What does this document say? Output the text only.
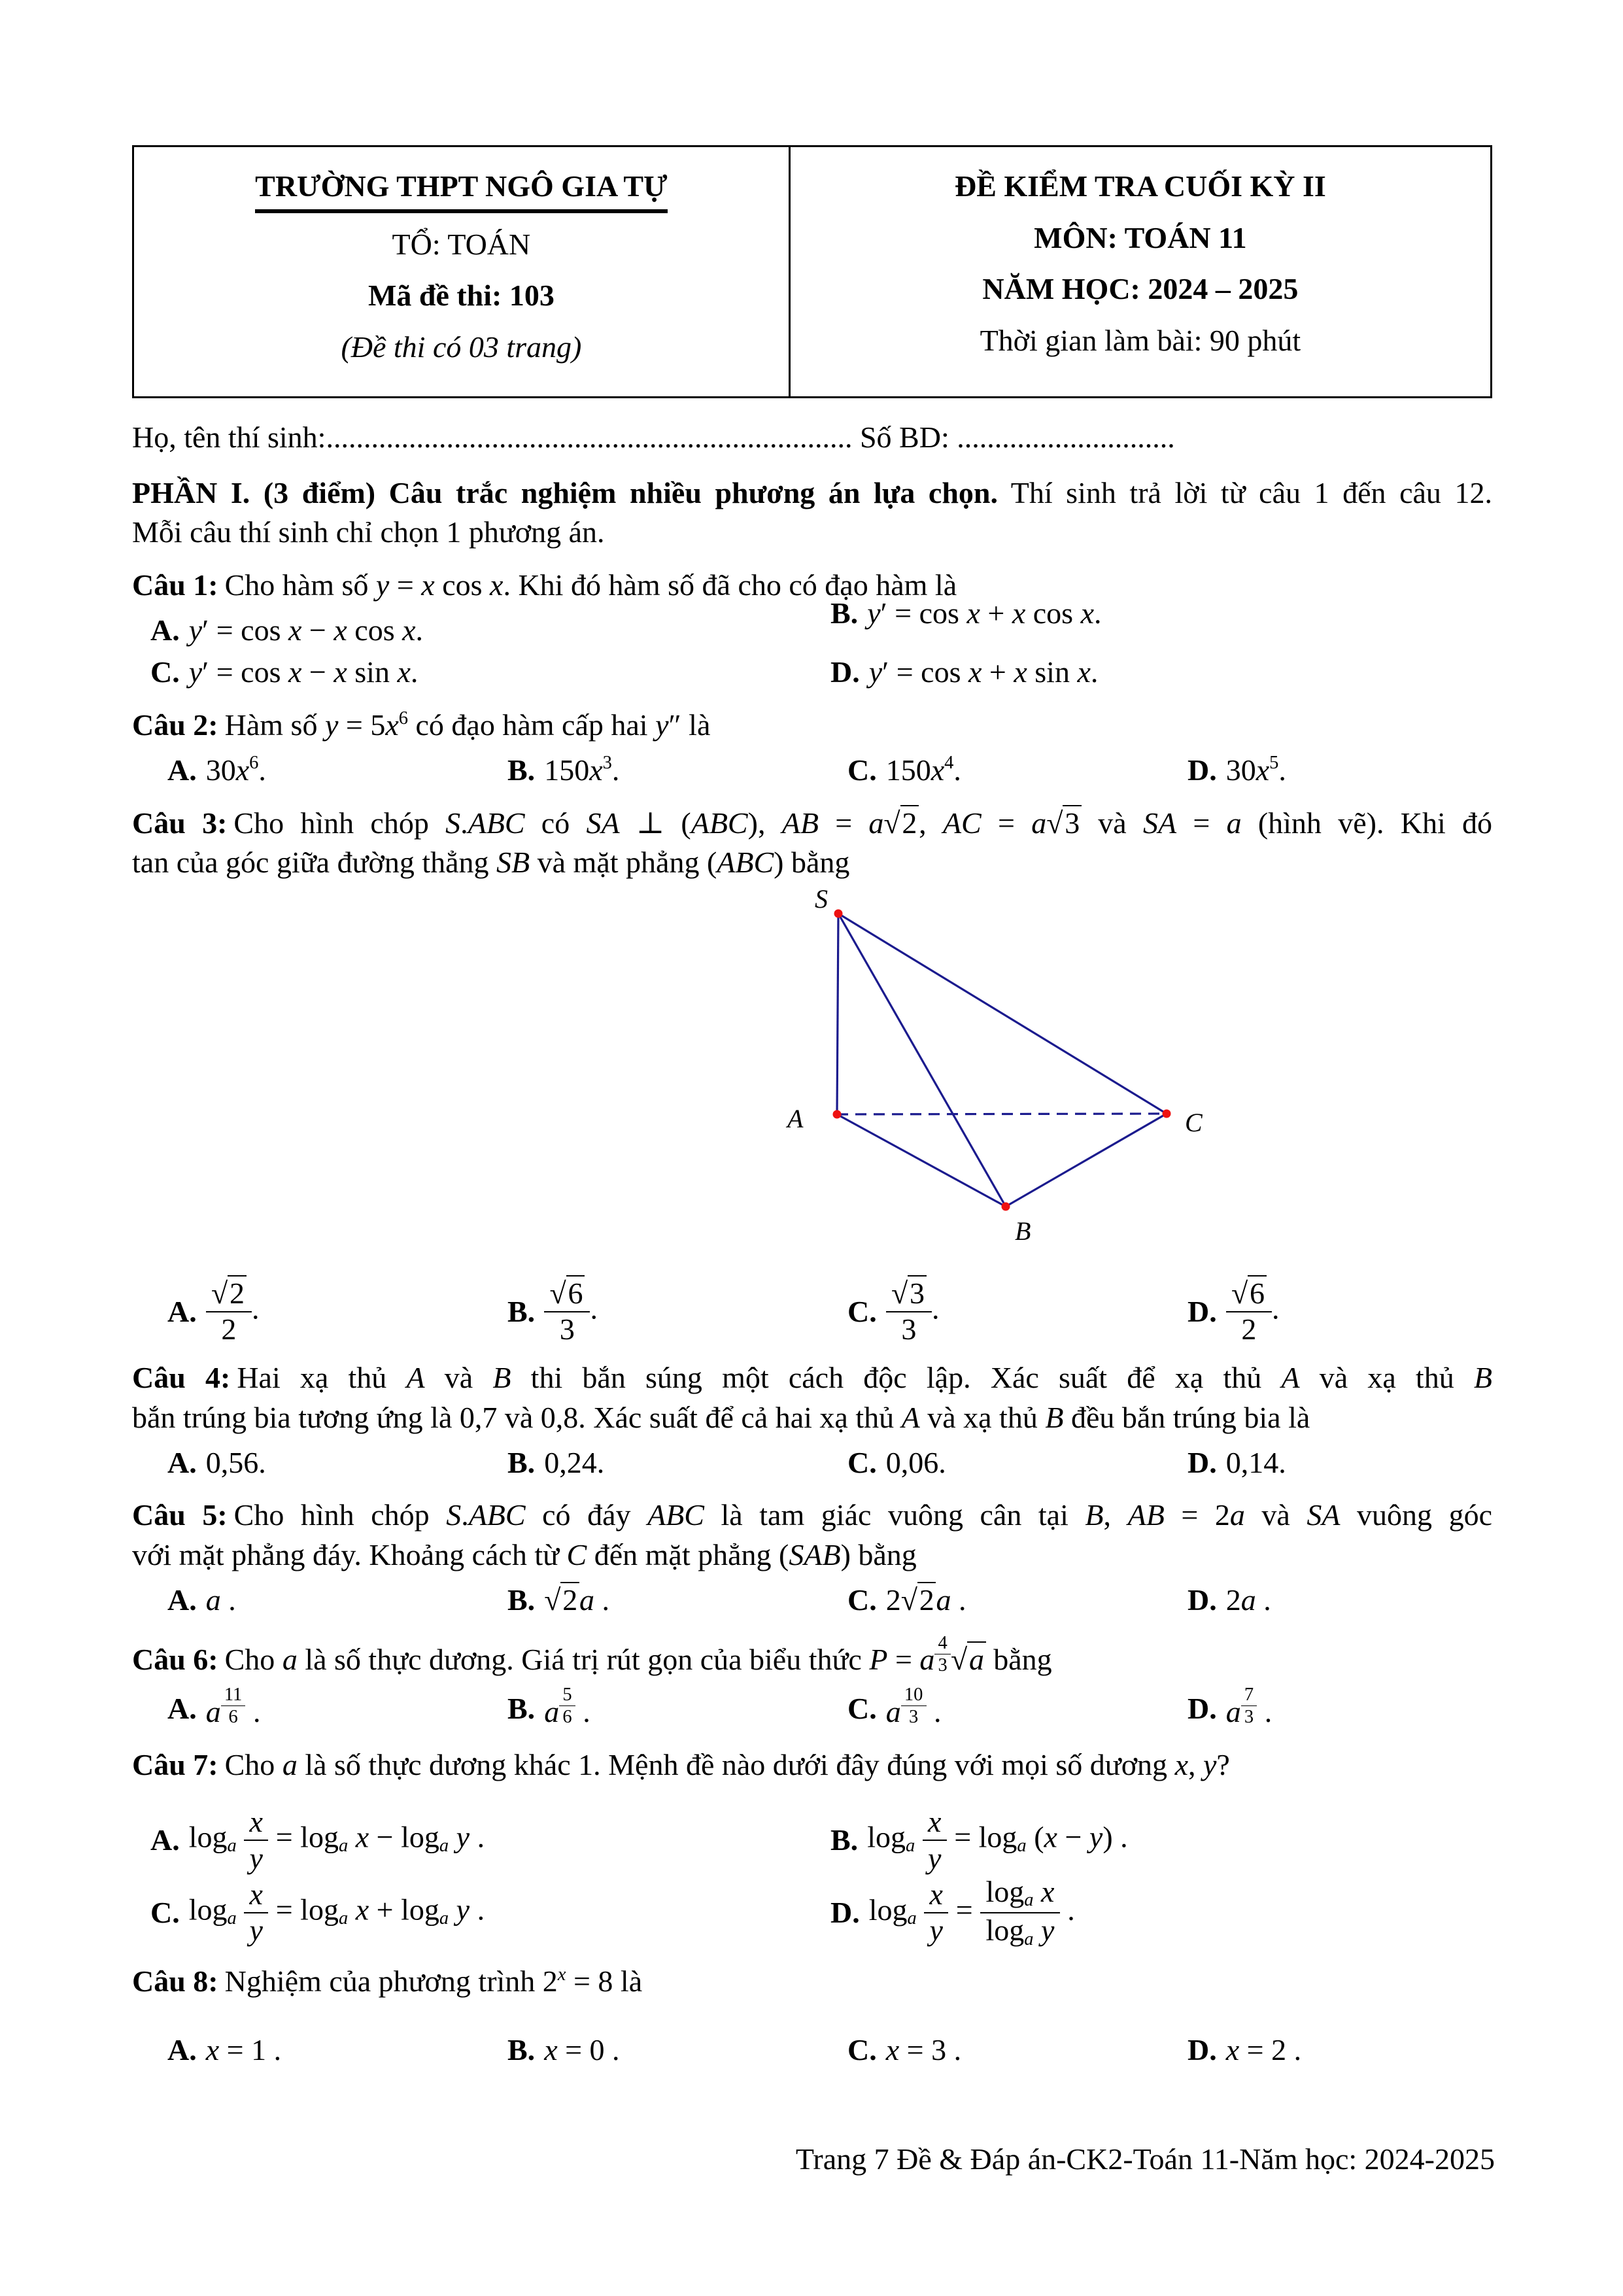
TRƯỜNG THPT NGÔ GIA TỰ

TỔ: TOÁN

Mã đề thi: 103

(Đề thi có 03 trang)

ĐỀ KIỂM TRA CUỐI KỲ II

MÔN: TOÁN 11

NĂM HỌC: 2024 – 2025

Thời gian làm bài: 90 phút

Họ, tên thí sinh:...................................................................... Số BD: .............................

PHẦN I. (3 điểm) Câu trắc nghiệm nhiều phương án lựa chọn. Thí sinh trả lời từ câu 1 đến câu 12.
Mỗi câu thí sinh chỉ chọn 1 phương án.

Câu 1: Cho hàm số y = x cos x. Khi đó hàm số đã cho có đạo hàm là

A. y′ = cos x − x cos x.
B. y′ = cos x + x cos x.
C. y′ = cos x − x sin x.	D. y′ = cos x + x sin x.

Câu 2: Hàm số y = 5x6 có đạo hàm cấp hai y″ là

A. 30x6.	B. 150x3.	C. 150x4.	D. 30x5.

Câu 3: Cho hình chóp S.ABC có SA ⊥ (ABC), AB = a√2, AC = a√3 và SA = a (hình vẽ). Khi đó
tan của góc giữa đường thẳng SB và mặt phẳng (ABC) bằng

S
A
B
C
A. $\frac{√2}{2}$ .	B. $\frac{√6}{3}$ .	C. $\frac{√3}{3}$ .	D. $\frac{√6}{2}$ .

Câu 4: Hai xạ thủ A và B thi bắn súng một cách độc lập. Xác suất để xạ thủ A và xạ thủ B
bắn trúng bia tương ứng là 0,7 và 0,8. Xác suất để cả hai xạ thủ A và xạ thủ B đều bắn trúng bia là

A. 0,56.	B. 0,24.	C. 0,06.	D. 0,14.

Câu 5: Cho hình chóp S.ABC có đáy ABC là tam giác vuông cân tại B, AB = 2a và SA vuông góc
với mặt phẳng đáy. Khoảng cách từ C đến mặt phẳng (SAB) bằng

A. a .	B. √2a .	C. 2√2a .	D. 2a .

Câu 6: Cho a là số thực dương. Giá trị rút gọn của biểu thức P = a $\frac{4}{3} √a$ bằng

A. a $\frac{11}{6}$ .	B. a $\frac{5}{6}$ .	C. a $\frac{10}{3}$ .	D. a $\frac{7}{3}$ .

Câu 7: Cho a là số thực dương khác 1. Mệnh đề nào dưới đây đúng với mọi số dương x, y?

A. loga $\frac{x}{y} = \log a$ x − loga y .	B. loga $\frac{x}{y} = \log a$ (x − y) .
C. loga $\frac{x}{y} = \log a$ x + loga y .	D. loga $\frac{x}{y} = \frac{\text{loga x}}{\text{loga y}}$ .

Câu 8: Nghiệm của phương trình 2x = 8 là

A. x = 1 .	B. x = 0 .	C. x = 3 .	D. x = 2 .
Trang 7 Đề & Đáp án-CK2-Toán 11-Năm học: 2024-2025
